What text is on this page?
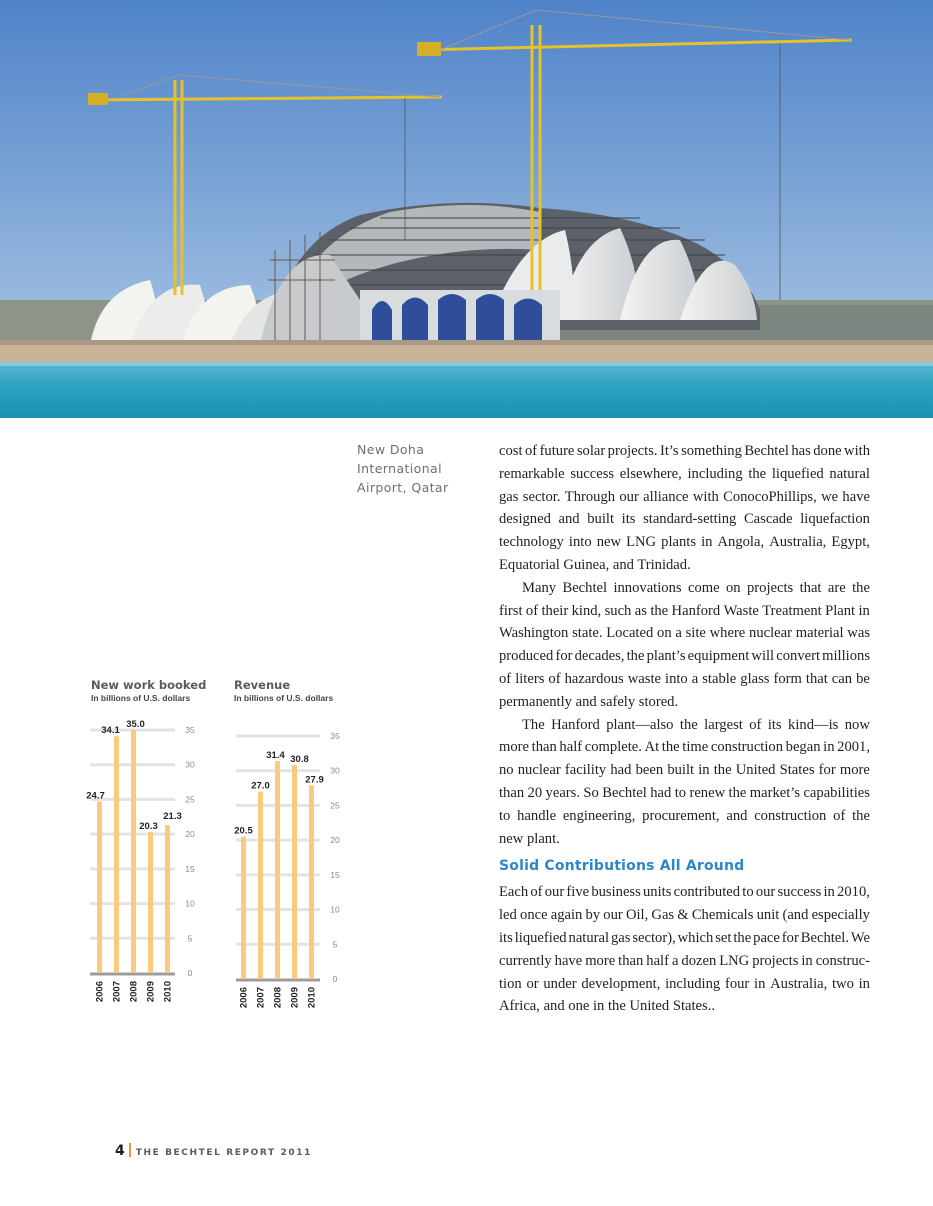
New Doha
International
Airport, Qatar
cost of future solar projects. It’s something Bechtel has done with
remarkable success elsewhere, including the liquefied natural
gas sector. Through our alliance with ConocoPhillips, we have
designed and built its standard-setting Cascade liquefaction
technology into new LNG plants in Angola, Australia, Egypt,
Equatorial Guinea, and Trinidad.
Many Bechtel innovations come on projects that are the
first of their kind, such as the Hanford Waste Treatment Plant in
Washington state. Located on a site where nuclear material was
produced for decades, the plant’s equipment will convert millions
of liters of hazardous waste into a stable glass form that can be
permanently and safely stored.
The Hanford plant—also the largest of its kind—is now
more than half complete. At the time construction began in 2001,
no nuclear facility had been built in the United States for more
than 20 years. So Bechtel had to renew the market’s capabilities
to handle engineering, procurement, and construction of the
new plant.
Solid Contributions All Around
Each of our five business units contributed to our success in 2010,
led once again by our Oil, Gas & Chemicals unit (and especially
its liquefied natural gas sector), which set the pace for Bechtel. We
currently have more than half a dozen LNG projects in construc-
tion or under development, including four in Australia, two in
Africa, and one in the United States..
New work booked
In billions of U.S. dollars
Revenue
In billions of U.S. dollars
0
5
10
15
20
25
30
35
24.7
2006
34.1
2007
35.0
2008
20.3
2009
21.3
2010
0
5
10
15
20
25
30
35
20.5
2006
27.0
2007
31.4
2008
30.8
2009
27.9
2010
4 THE BECHTEL REPORT 2011
